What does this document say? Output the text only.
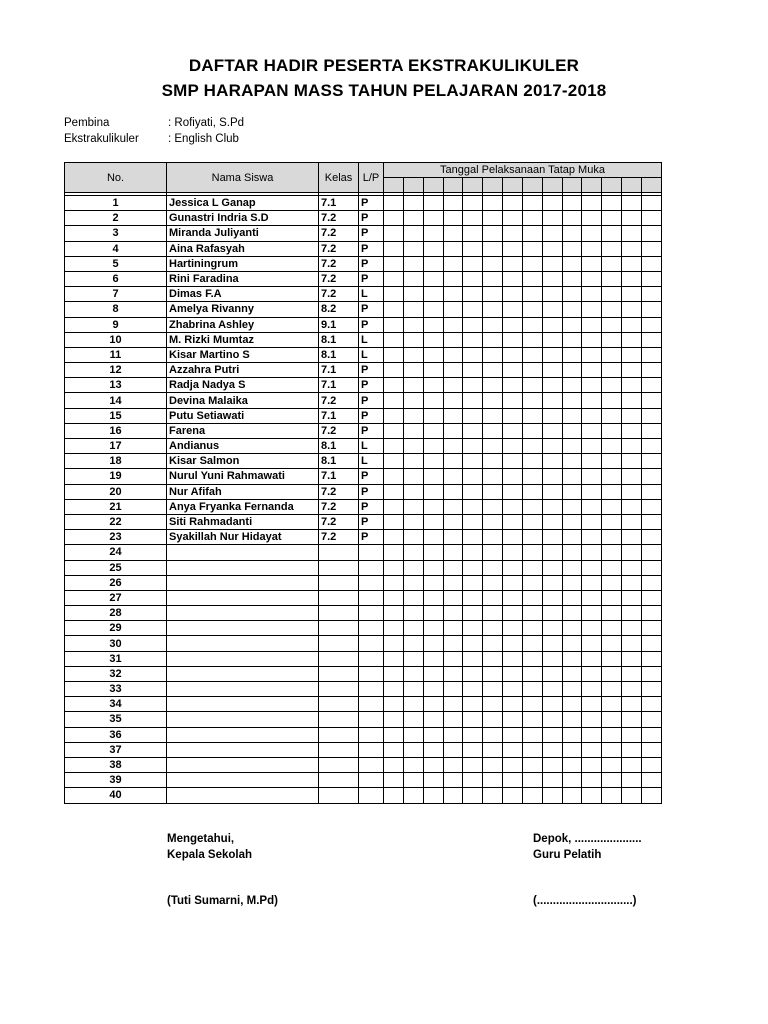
DAFTAR HADIR PESERTA EKSTRAKULIKULER
SMP HARAPAN MASS TAHUN PELAJARAN 2017-2018
Pembina	: Rofiyati, S.Pd
Ekstrakulikuler	: English Club
No.	Nama Siswa	Kelas	L/P	Tanggal Pelaksanaan Tatap Muka													

1	Jessica L Ganap	7.1	P														
2	Gunastri Indria S.D	7.2	P														
3	Miranda Juliyanti	7.2	P														
4	Aina Rafasyah	7.2	P														
5	Hartiningrum	7.2	P														
6	Rini Faradina	7.2	P														
7	Dimas F.A	7.2	L														
8	Amelya Rivanny	8.2	P														
9	Zhabrina Ashley	9.1	P														
10	M. Rizki Mumtaz	8.1	L														
11	Kisar Martino S	8.1	L														
12	Azzahra Putri	7.1	P														
13	Radja Nadya S	7.1	P														
14	Devina Malaika	7.2	P														
15	Putu Setiawati	7.1	P														
16	Farena	7.2	P														
17	Andianus	8.1	L														
18	Kisar Salmon	8.1	L														
19	Nurul Yuni Rahmawati	7.1	P														
20	Nur Afifah	7.2	P														
21	Anya Fryanka Fernanda	7.2	P														
22	Siti Rahmadanti	7.2	P														
23	Syakillah Nur Hidayat	7.2	P														
24																	
25																	
26																	
27																	
28																	
29																	
30																	
31																	
32																	
33																	
34																	
35																	
36																	
37																	
38																	
39																	
40																	
Mengetahui,
Kepala Sekolah
(Tuti Sumarni, M.Pd)
Depok, .....................
Guru Pelatih
(..............................)
